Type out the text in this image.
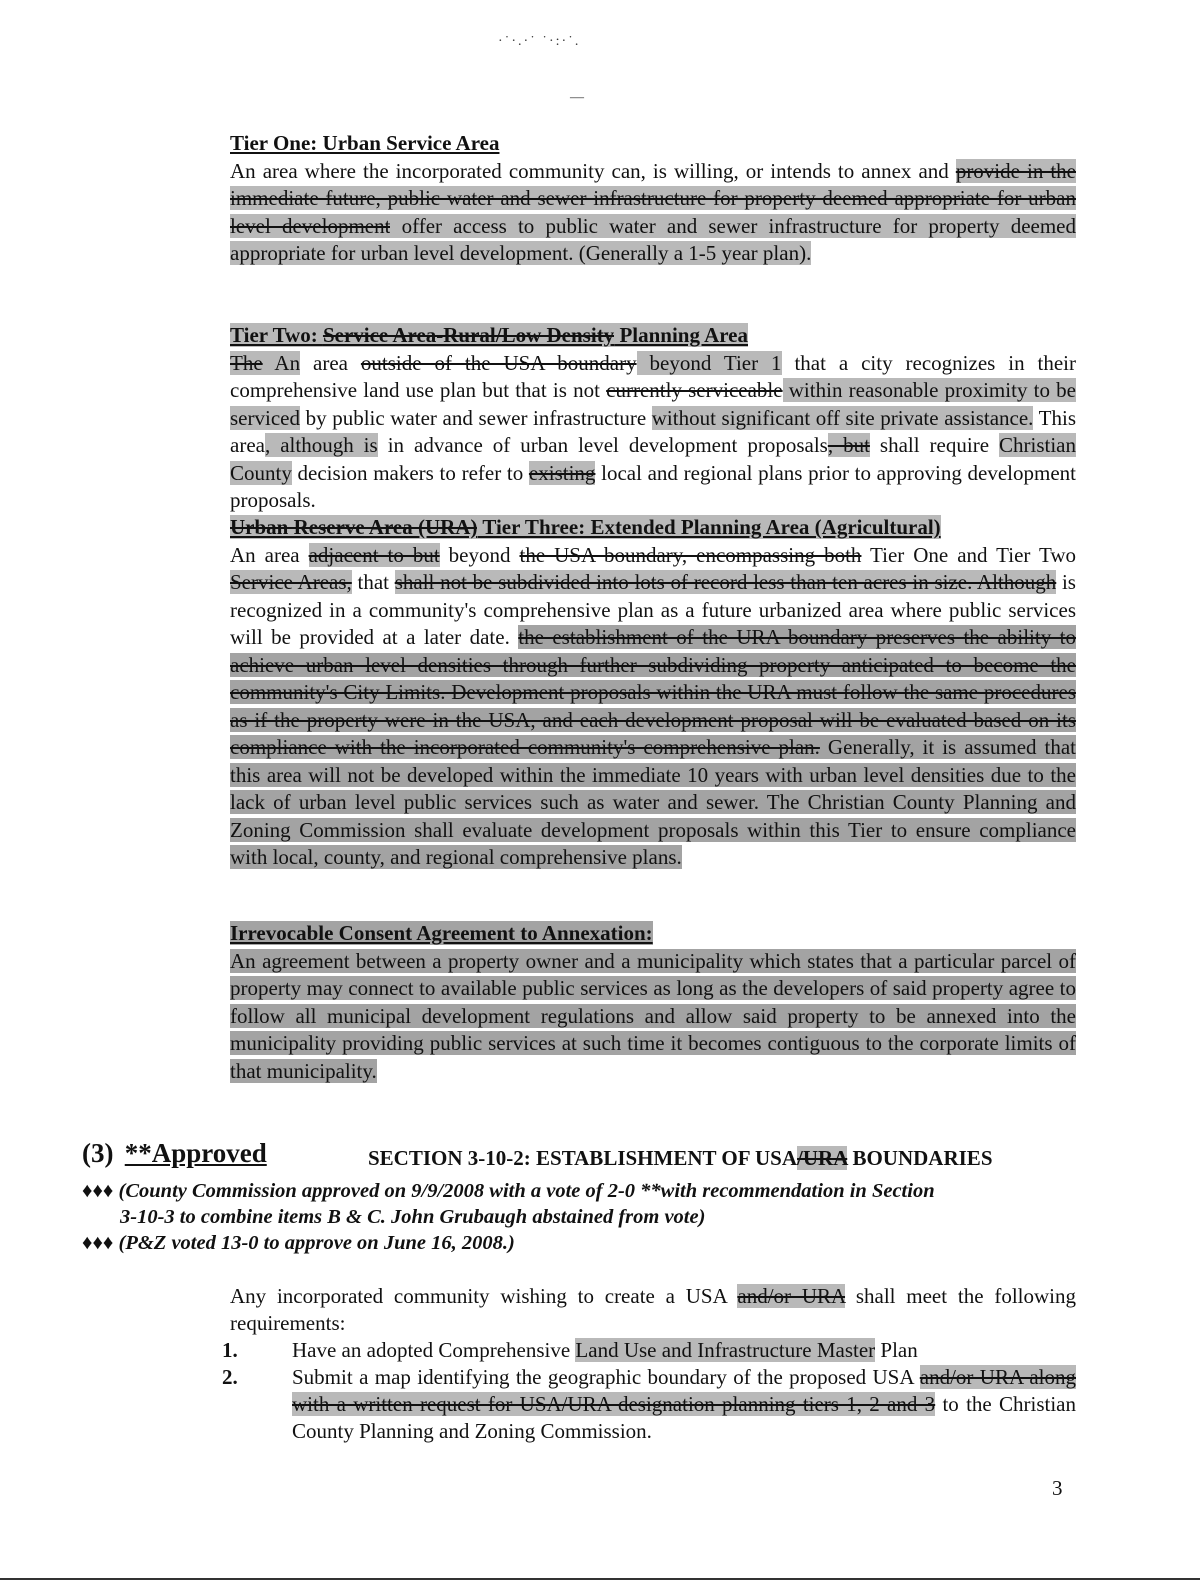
·˙·.·˙ ˙·:·˙.
—
Tier One: Urban Service Area
An area where the incorporated community can, is willing, or intends to annex and provide in the immediate future, public water and sewer infrastructure for property deemed appropriate for urban level development offer access to public water and sewer infrastructure for property deemed appropriate for urban level development. (Generally a 1-5 year plan).
Tier Two: Service Area-Rural/Low Density Planning Area
The An area outside of the USA boundary beyond Tier 1 that a city recognizes in their comprehensive land use plan but that is not currently serviceable within reasonable proximity to be serviced by public water and sewer infrastructure without significant off site private assistance. This area, although is in advance of urban level development proposals, but shall require Christian County decision makers to refer to existing local and regional plans prior to approving development proposals.
Urban Reserve Area (URA) Tier Three: Extended Planning Area (Agricultural)
An area adjacent to but beyond the USA boundary, encompassing both Tier One and Tier Two Service Areas, that shall not be subdivided into lots of record less than ten acres in size. Although is recognized in a community's comprehensive plan as a future urbanized area where public services will be provided at a later date. the establishment of the URA boundary preserves the ability to achieve urban level densities through further subdividing property anticipated to become the community's City Limits. Development proposals within the URA must follow the same procedures as if the property were in the USA, and each development proposal will be evaluated based on its compliance with the incorporated community's comprehensive plan. Generally, it is assumed that this area will not be developed within the immediate 10 years with urban level densities due to the lack of urban level public services such as water and sewer. The Christian County Planning and Zoning Commission shall evaluate development proposals within this Tier to ensure compliance with local, county, and regional comprehensive plans.
Irrevocable Consent Agreement to Annexation:
An agreement between a property owner and a municipality which states that a particular parcel of property may connect to available public services as long as the developers of said property agree to follow all municipal development regulations and allow said property to be annexed into the municipality providing public services at such time it becomes contiguous to the corporate limits of that municipality.
(3) **Approved	SECTION 3-10-2: ESTABLISHMENT OF USA/URA BOUNDARIES
♦♦♦ (County Commission approved on 9/9/2008 with a vote of 2-0 **with recommendation in Section
3-10-3 to combine items B & C. John Grubaugh abstained from vote)
♦♦♦ (P&Z voted 13-0 to approve on June 16, 2008.)
Any incorporated community wishing to create a USA and/or URA shall meet the following requirements:
1.	Have an adopted Comprehensive Land Use and Infrastructure Master Plan
2.	Submit a map identifying the geographic boundary of the proposed USA and/or URA along with a written request for USA/URA designation planning tiers 1, 2 and 3 to the Christian County Planning and Zoning Commission.
3
